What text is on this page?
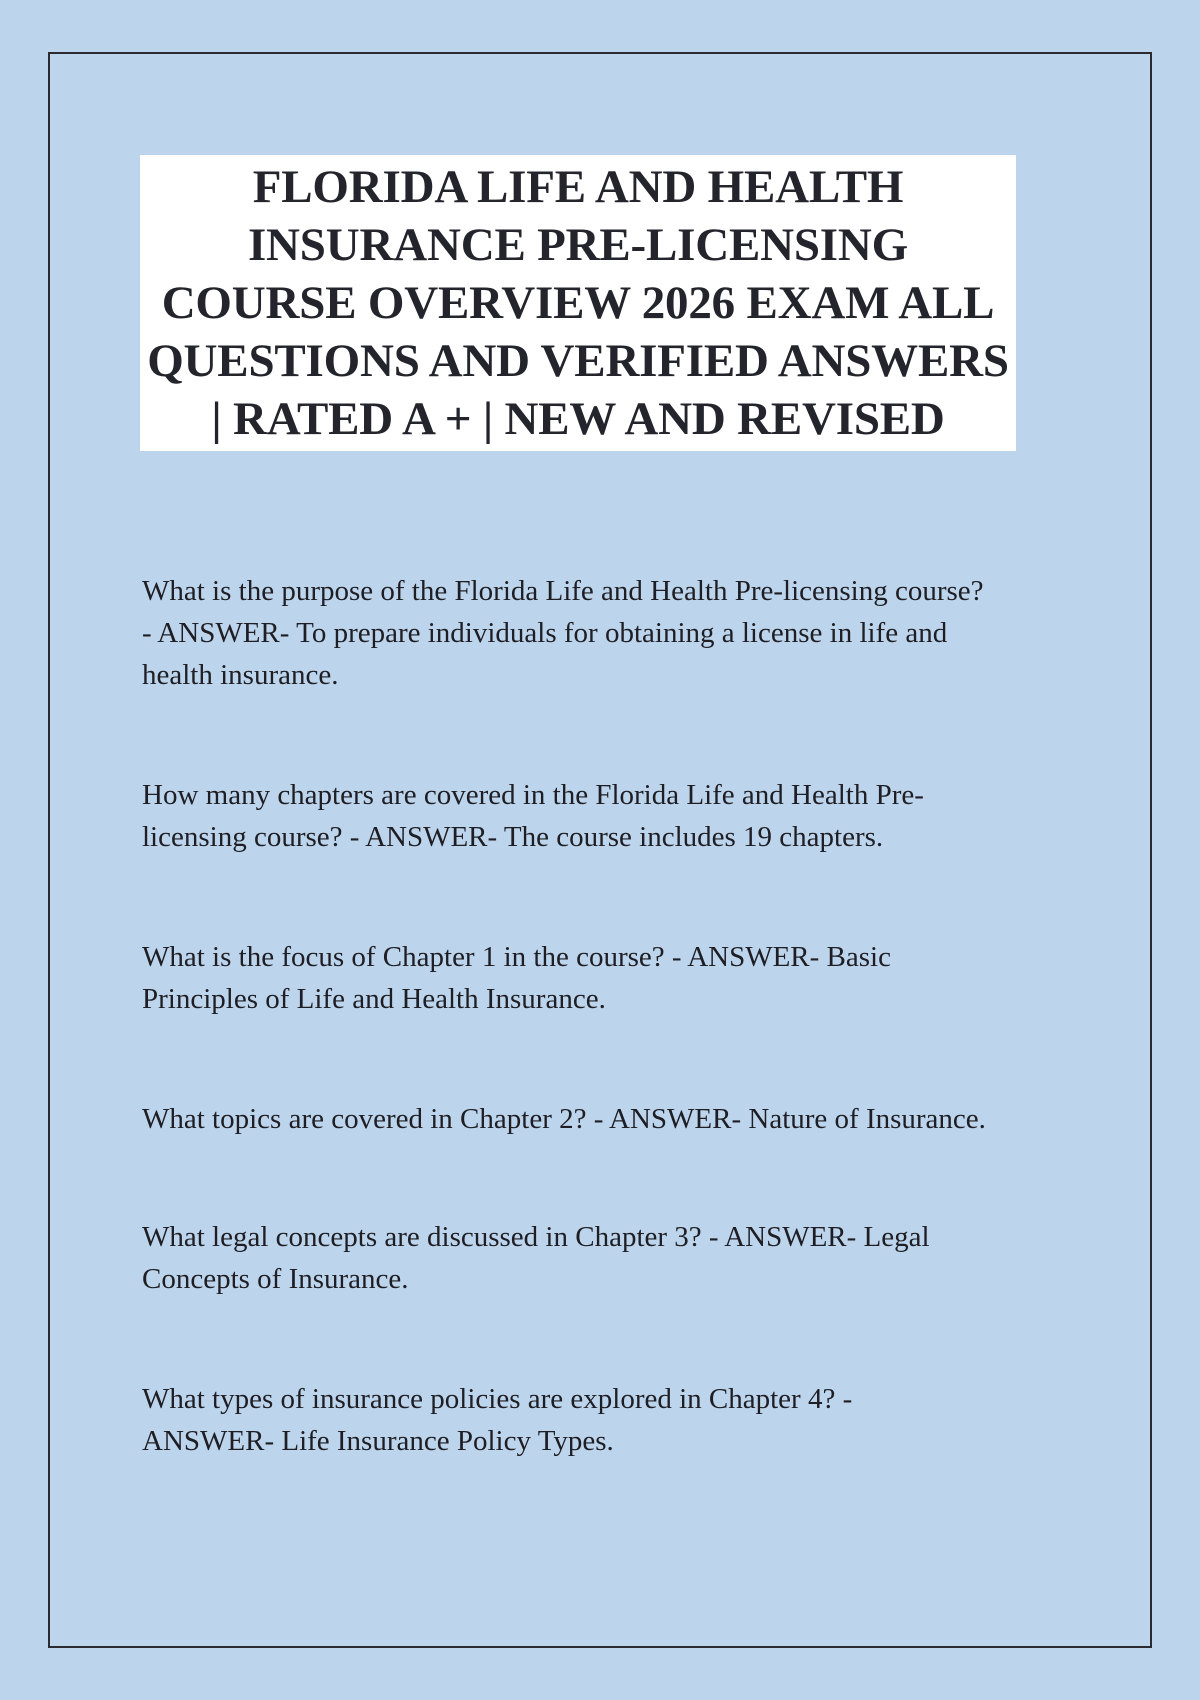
FLORIDA LIFE AND HEALTH
INSURANCE PRE-LICENSING
COURSE OVERVIEW 2026 EXAM ALL
QUESTIONS AND VERIFIED ANSWERS
| RATED A + | NEW AND REVISED

What is the purpose of the Florida Life and Health Pre-licensing course?
- ANSWER- To prepare individuals for obtaining a license in life and
health insurance.

How many chapters are covered in the Florida Life and Health Pre-
licensing course? - ANSWER- The course includes 19 chapters.

What is the focus of Chapter 1 in the course? - ANSWER- Basic
Principles of Life and Health Insurance.

What topics are covered in Chapter 2? - ANSWER- Nature of Insurance.

What legal concepts are discussed in Chapter 3? - ANSWER- Legal
Concepts of Insurance.

What types of insurance policies are explored in Chapter 4? -
ANSWER- Life Insurance Policy Types.
